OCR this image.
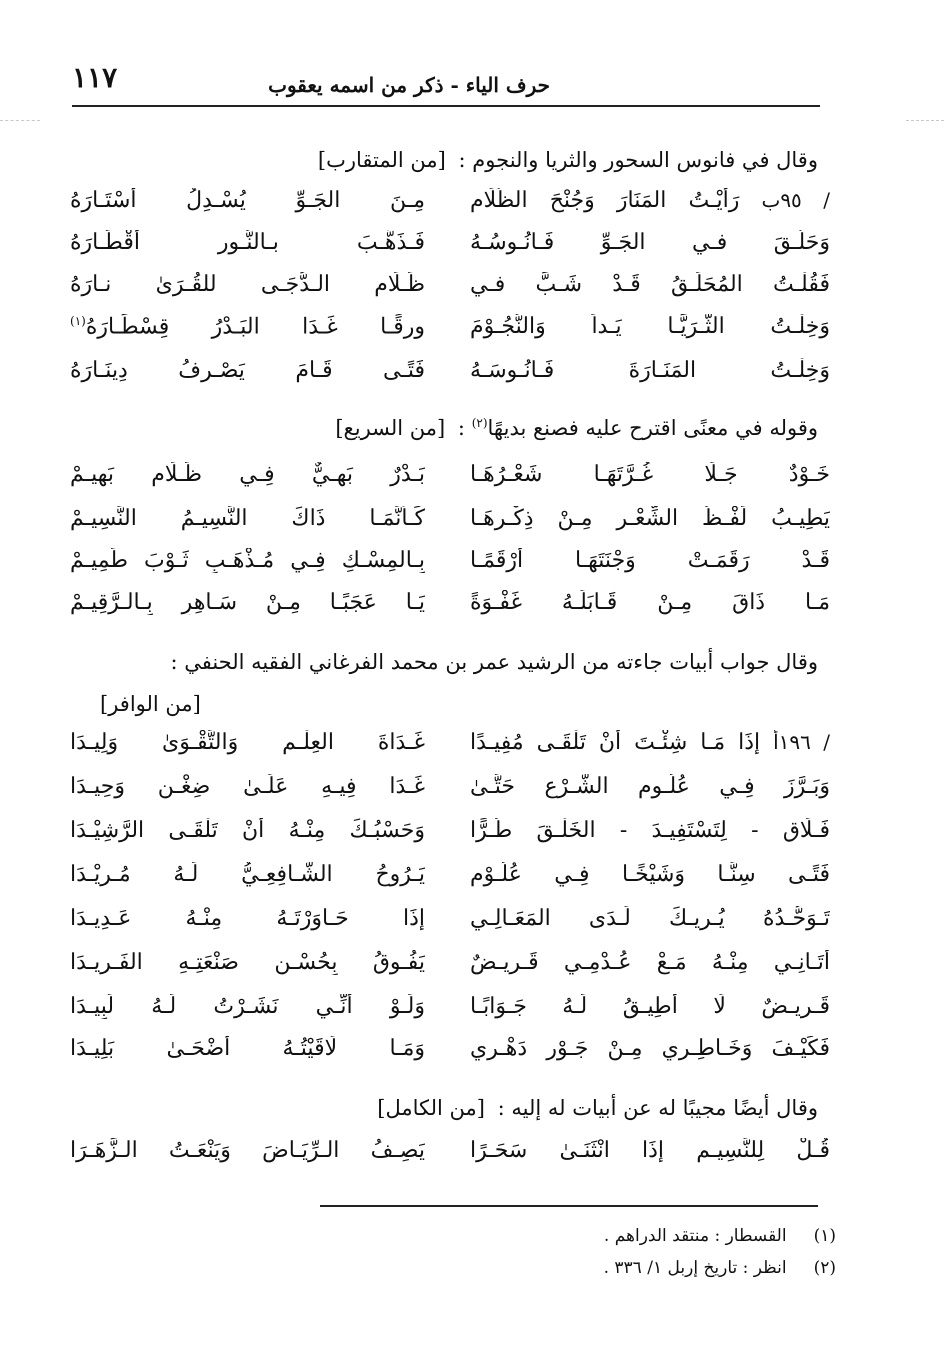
١١٧	حرف الياء - ذكر من اسمه يعقوب
وقال في فانوس السحور والثريا والنجوم : [من المتقارب]
/ ٩٥ب رَأيْـتُ المَنَارَ وَجُنْحَ الظَّلَام
مِـنَ الجَـوِّ يُسْـدِلُ أسْتَـارَهُ
وَحَلَّـقَ فـي الجَـوِّ فَـانُـوسُـهُ
فَـذَهَّـبَ بـالنُّـورِ أقْطَـارَهُ
فَقُلْـتُ المُحَلِّـقُ قَـدْ شَـبَّ فـي
ظَـلَامِ الـدُّجَـى للقُـرَىٰ نـارَهُ
وَخِلْـتُ الثُّـرَيَّـا يَـداً وَالنُّجُـوْمَ
ورقًـا غَـدَا البَـدْرُ قِسْطَـارَهُ$^{(١)}$
وَخِلْـتُ المَنَـارَةَ فَـانُـوسَـهُ
فَتًـى قَـامَ يَصْـرِفُ دِينَـارَهُ
وقوله في معنًى اقترح عليه فصنع بديهًا$^{(٢)}$ : [من السريع]
خَـوْدٌ جَـلَا غُـرَّتَهَـا شَعْـرُهَـا
بَـدْرٌ بَهِـيٌّ فِـي ظَـلَامٍ بَهِيـمْ
يَطِيـبُ لَفْـظُ الشِّعْـرِ مِـنْ ذِكْـرِهَـا
كَـأنَّمَـا ذَاكَ النَّسِيـمُ النَّسِيـمْ
قَـدْ رَقَمَـتْ وَجْنَتَهَـا أرْقَمًـا
بِـالمِسْـكِ فِـي مُـذْهَـبٍ ثَـوْبَ طَمِيـمْ
مَـا ذَاقَ مِـنْ قَـابَلَـهُ غَفْـوَةً
يَـا عَجَبًـا مِـنْ سَـاهِرٍ بِـالـرَّقِيـمْ
وقال جواب أبيات جاءته من الرشيد عمر بن محمد الفرغاني الفقيه الحنفي :
[من الوافر]
/ ١٩٦أ إذَا مَـا شِئْـتَ أنْ تَلْقَـى مُفِيـدًا
غَـدَاةَ العِلْـمِ وَالتَّقْـوَىٰ وَلِيـدَا
وَبَـرَّزَ فِـي عُلُـومِ الشَّـرْعِ حَتَّـىٰ
غَـدَا فِيـهِ عَلَـىٰ ضِغْـنٍ وَحِيـدَا
فَـلَاقِ - لِتَسْتَفِيـدَ - الخَلْـقَ طُـرًّا
وَحَسْبُـكَ مِنْـهُ أنْ تَلْقَـى الرَّشِيْـدَا
فَتًـى سِنًّـا وَشَيْخًـا فِـي عُلُـوْمٍ
يَـرُوحُ الشَّـافِعِـيُّ لَـهُ مُـرِيْـدَا
تَـوَحُّـدُهُ يُـرِيـكَ لَـدَى المَعَـالِـي
إذَا حَـاوَرْتَـهُ مِنْـهُ عَـدِيـدَا
أتَـانِـي مِنْـهُ مَـعْ عُـدْمِـي قَـرِيـضٌ
يَفُـوقُ بِحُسْـنِ صَنْعَتِـهِ الفَـرِيـدَا
قَـرِيـضٌ لَا أُطِيـقُ لَـهُ جَـوَابًـا
وَلَـوْ أنِّـي نَشَـرْتُ لَـهُ لَبِيـدَا
فَكَيْـفَ وَخَـاطِـرِي مِـنْ جَـوْرِ دَهْـرِي
وَمَـا لَاقَيْتُـهُ أضْحَـىٰ بَلِيـدَا
وقال أيضًا مجيبًا له عن أبيات له إليه : [من الكامل]
قُـلْ لِلنَّسِيـمِ إذَا انْثَنَـىٰ سَحَـرًا
يَصِـفُ الـرِّيَـاضَ وَيَنْعَـتُ الـزَّهَـرَا
(١) القسطار : منتقد الدراهم .
(٢) انظر : تاريخ إربل ١/ ٣٣٦ .
